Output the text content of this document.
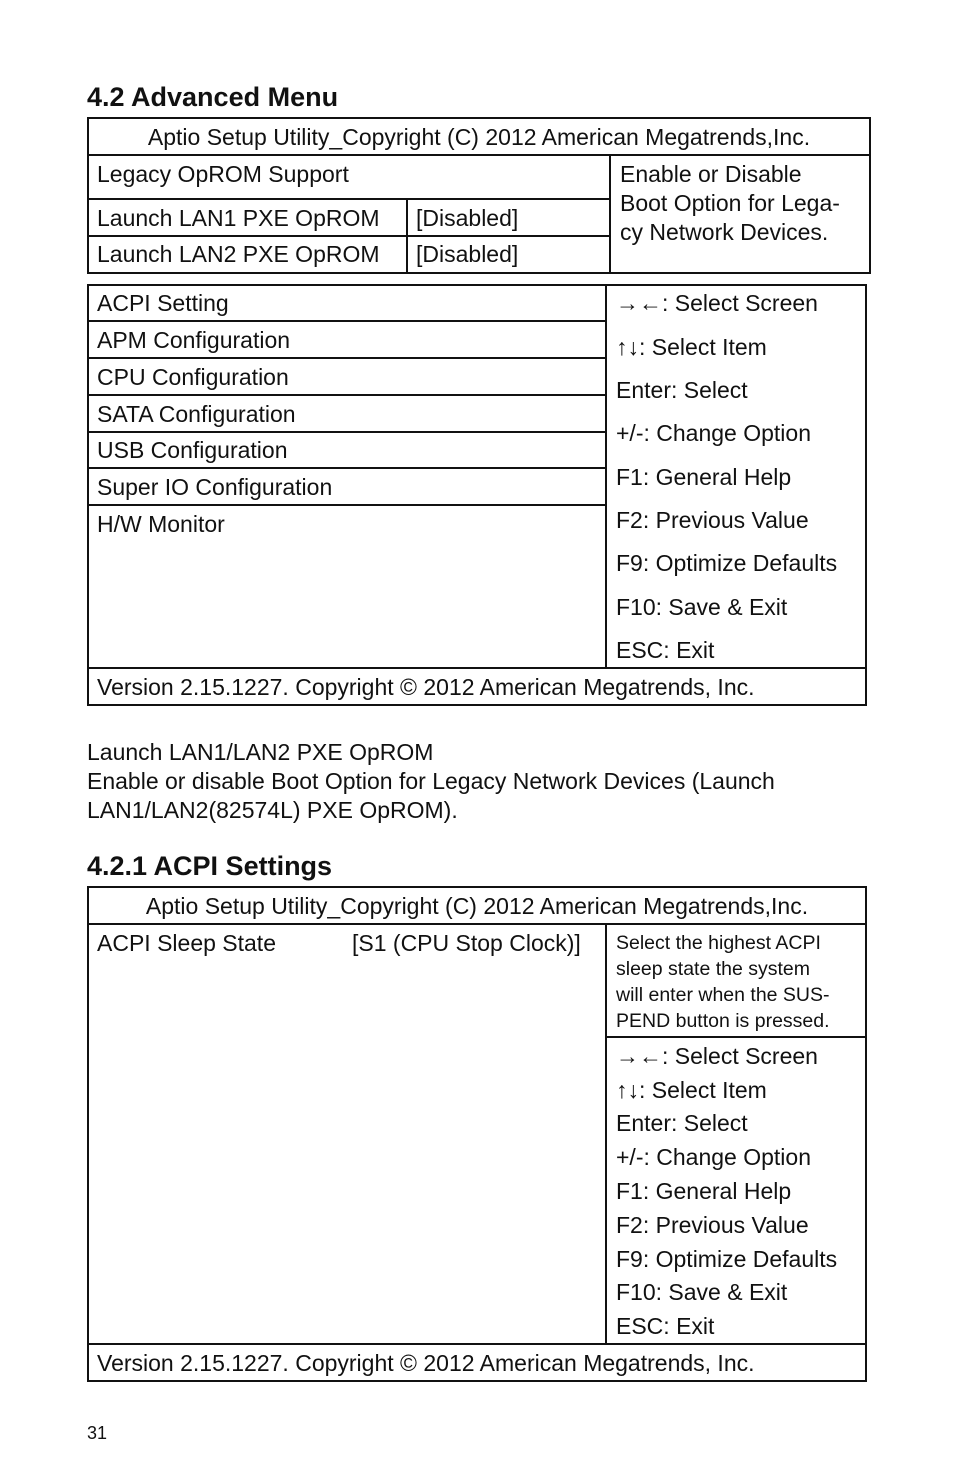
4.2 Advanced Menu
Aptio Setup Utility_Copyright (C) 2012 American Megatrends,Inc.
Legacy OpROM Support
Launch LAN1 PXE OpROM [Disabled]
Launch LAN2 PXE OpROM [Disabled]
Enable or Disable
Boot Option for Lega-
cy Network Devices.
ACPI Setting
APM Configuration
CPU Configuration
SATA Configuration
USB Configuration
Super IO Configuration
H/W Monitor
→←: Select Screen
↑↓: Select Item
Enter: Select
+/-: Change Option
F1: General Help
F2: Previous Value
F9: Optimize Defaults
F10: Save & Exit
ESC: Exit
Version 2.15.1227. Copyright © 2012 American Megatrends, Inc.
Launch LAN1/LAN2 PXE OpROM
Enable or disable Boot Option for Legacy Network Devices (Launch
LAN1/LAN2(82574L) PXE OpROM).
4.2.1 ACPI Settings
Aptio Setup Utility_Copyright (C) 2012 American Megatrends,Inc.
ACPI Sleep State	[S1 (CPU Stop Clock)] Select the highest ACPI
sleep state the system
will enter when the SUS-
PEND button is pressed.
→←: Select Screen
↑↓: Select Item
Enter: Select
+/-: Change Option
F1: General Help
F2: Previous Value
F9: Optimize Defaults
F10: Save & Exit
ESC: Exit
Version 2.15.1227. Copyright © 2012 American Megatrends, Inc.
31
